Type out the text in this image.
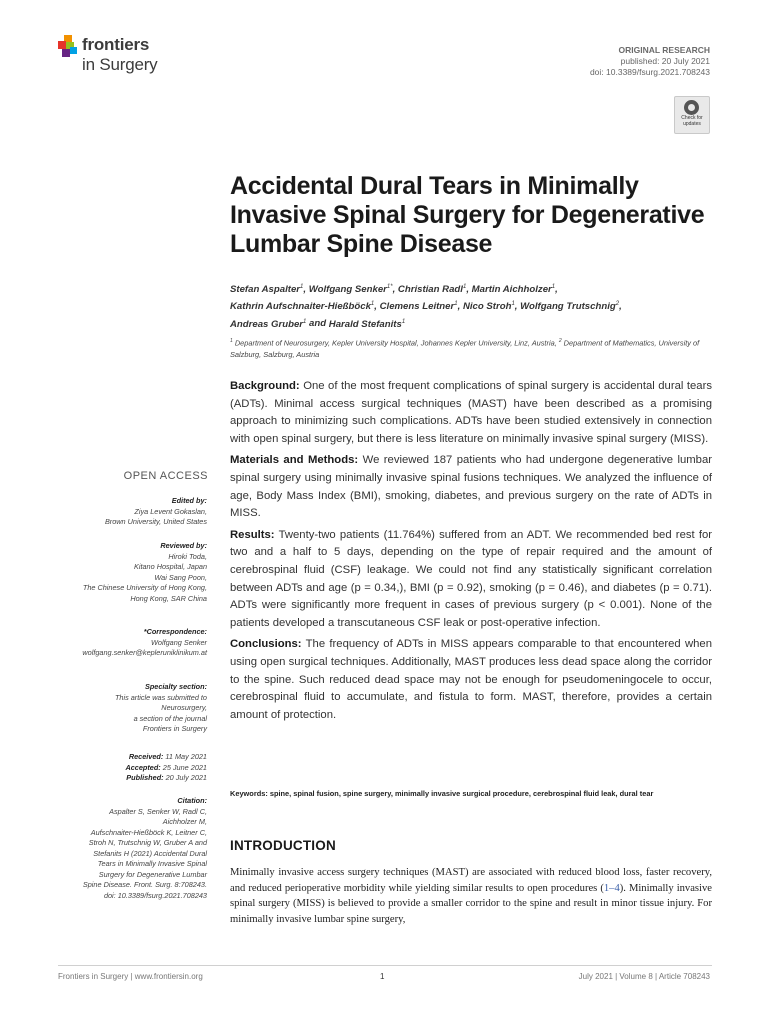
frontiers
in Surgery
ORIGINAL RESEARCH
published: 20 July 2021
doi: 10.3389/fsurg.2021.708243
Check for
updates
Accidental Dural Tears in Minimally Invasive Spinal Surgery for Degenerative Lumbar Spine Disease
Stefan Aspalter$^1$, Wolfgang Senker$^{1*}$, Christian Radl$^1$, Martin Aichholzer$^1$,
Kathrin Aufschnaiter-Hießböck$^1$, Clemens Leitner$^1$, Nico Stroh$^1$, Wolfgang Trutschnig$^2$,
Andreas Gruber$^1$ and Harald Stefanits$^1$
$^1$ Department of Neurosurgery, Kepler University Hospital, Johannes Kepler University, Linz, Austria, $^2$ Department of Mathematics, University of Salzburg, Salzburg, Austria

Background: One of the most frequent complications of spinal surgery is accidental dural tears (ADTs). Minimal access surgical techniques (MAST) have been described as a promising approach to minimizing such complications. ADTs have been studied extensively in connection with open spinal surgery, but there is less literature on minimally invasive spinal surgery (MISS).

Materials and Methods: We reviewed 187 patients who had undergone degenerative lumbar spinal surgery using minimally invasive spinal fusions techniques. We analyzed the influence of age, Body Mass Index (BMI), smoking, diabetes, and previous surgery on the rate of ADTs in MISS.

Results: Twenty-two patients (11.764%) suffered from an ADT. We recommended bed rest for two and a half to 5 days, depending on the type of repair required and the amount of cerebrospinal fluid (CSF) leakage. We could not find any statistically significant correlation between ADTs and age (p = 0.34,), BMI (p = 0.92), smoking (p = 0.46), and diabetes (p = 0.71). ADTs were significantly more frequent in cases of previous surgery (p < 0.001). None of the patients developed a transcutaneous CSF leak or post-operative infection.

Conclusions: The frequency of ADTs in MISS appears comparable to that encountered when using open surgical techniques. Additionally, MAST produces less dead space along the corridor to the spine. Such reduced dead space may not be enough for pseudomeningocele to occur, cerebrospinal fluid to accumulate, and fistula to form. MAST, therefore, provides a certain amount of protection.

Keywords: spine, spinal fusion, spine surgery, minimally invasive surgical procedure, cerebrospinal fluid leak, dural tear
INTRODUCTION
Minimally invasive access surgery techniques (MAST) are associated with reduced blood loss, faster recovery, and reduced perioperative morbidity while yielding similar results to open procedures (1–4). Minimally invasive spinal surgery (MISS) is believed to provide a smaller corridor to the spine and result in minor tissue injury. For minimally invasive lumbar spine surgery,
OPEN ACCESS
Edited by:
Ziya Levent Gokaslan,
Brown University, United States
Reviewed by:
Hiroki Toda,
Kitano Hospital, Japan
Wai Sang Poon,
The Chinese University of Hong Kong,
Hong Kong, SAR China
*Correspondence:
Wolfgang Senker
wolfgang.senker@kepleruniklinikum.at
Specialty section:
This article was submitted to
Neurosurgery,
a section of the journal
Frontiers in Surgery
Received: 11 May 2021
Accepted: 25 June 2021
Published: 20 July 2021
Citation:
Aspalter S, Senker W, Radl C,
Aichholzer M,
Aufschnaiter-Hießböck K, Leitner C,
Stroh N, Trutschnig W, Gruber A and
Stefanits H (2021) Accidental Dural
Tears in Minimally Invasive Spinal
Surgery for Degenerative Lumbar
Spine Disease. Front. Surg. 8:708243.
doi: 10.3389/fsurg.2021.708243
Frontiers in Surgery | www.frontiersin.org	1	July 2021 | Volume 8 | Article 708243
